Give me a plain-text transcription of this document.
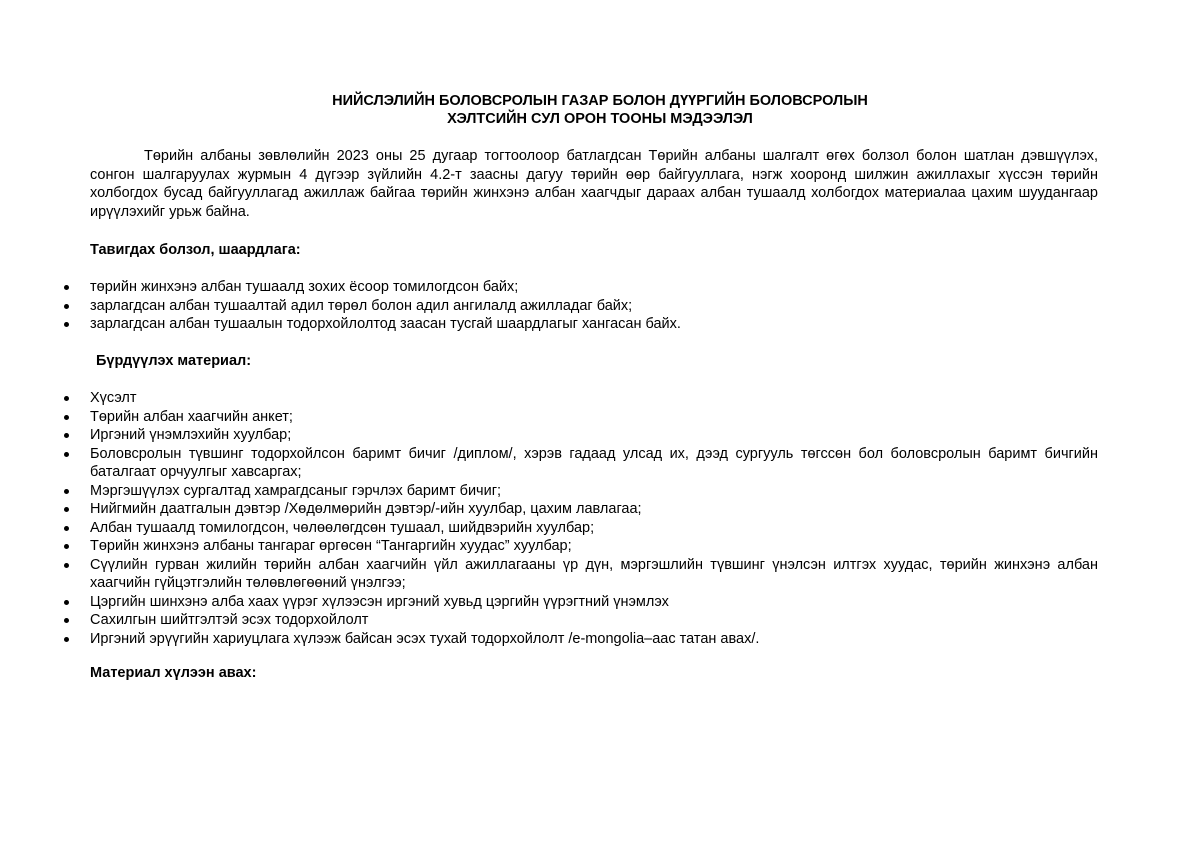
НИЙСЛЭЛИЙН БОЛОВСРОЛЫН ГАЗАР БОЛОН ДҮҮРГИЙН БОЛОВСРОЛЫН
ХЭЛТСИЙН СУЛ ОРОН ТООНЫ МЭДЭЭЛЭЛ

Төрийн албаны зөвлөлийн 2023 оны 25 дугаар тогтоолоор батлагдсан Төрийн албаны шалгалт өгөх болзол болон шатлан дэвшүүлэх, сонгон шалгаруулах журмын 4 дүгээр зүйлийн 4.2-т заасны дагуу төрийн өөр байгууллага, нэгж хооронд шилжин ажиллахыг хүссэн төрийн холбогдох бусад байгууллагад ажиллаж байгаа төрийн жинхэнэ албан хаагчдыг дараах албан тушаалд холбогдох материалаа цахим шуудангаар ирүүлэхийг урьж байна.

Тавигдах болзол, шаардлага:

төрийн жинхэнэ албан тушаалд зохих ёсоор томилогдсон байх;
зарлагдсан албан тушаалтай адил төрөл болон адил ангилалд ажилладаг байх;
зарлагдсан албан тушаалын тодорхойлолтод заасан тусгай шаардлагыг хангасан байх.

Бүрдүүлэх материал:

Хүсэлт
Төрийн албан хаагчийн анкет;
Иргэний үнэмлэхийн хуулбар;
Боловсролын түвшинг тодорхойлсон баримт бичиг /диплом/, хэрэв гадаад улсад их, дээд сургууль төгссөн бол боловсролын баримт бичгийн баталгаат орчуулгыг хавсаргах;
Мэргэшүүлэх сургалтад хамрагдсаныг гэрчлэх баримт бичиг;
Нийгмийн даатгалын дэвтэр /Хөдөлмөрийн дэвтэр/-ийн хуулбар, цахим лавлагаа;
Албан тушаалд томилогдсон, чөлөөлөгдсөн тушаал, шийдвэрийн хуулбар;
Төрийн жинхэнэ албаны тангараг өргөсөн “Тангаргийн хуудас” хуулбар;
Сүүлийн гурван жилийн төрийн албан хаагчийн үйл ажиллагааны үр дүн, мэргэшлийн түвшинг үнэлсэн илтгэх хуудас, төрийн жинхэнэ албан хаагчийн гүйцэтгэлийн төлөвлөгөөний үнэлгээ;
Цэргийн шинхэнэ алба хаах үүрэг хүлээсэн иргэний хувьд цэргийн үүрэгтний үнэмлэх
Сахилгын шийтгэлтэй эсэх тодорхойлолт
Иргэний эрүүгийн хариуцлага хүлээж байсан эсэх тухай тодорхойлолт /e-mongolia–аас татан авах/.

Материал хүлээн авах:
